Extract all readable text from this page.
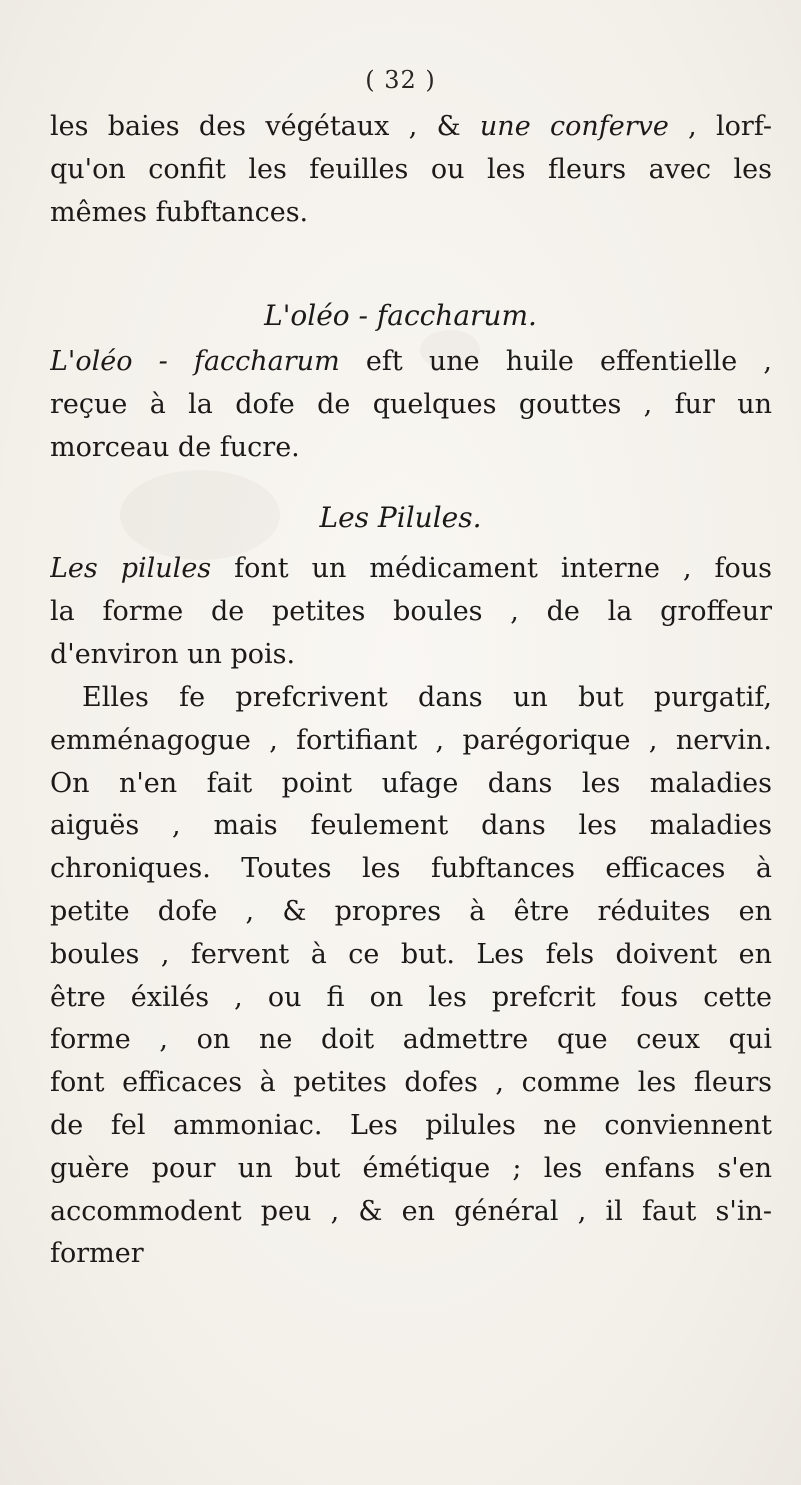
( 32 )
les baies des végétaux , & une conferve , lorf-
qu'on confit les feuilles ou les fleurs avec les
mêmes fubftances.
L'oléo - faccharum.
L'oléo - faccharum eft une huile effentielle ,
reçue à la dofe de quelques gouttes , fur un
morceau de fucre.
Les Pilules.
Les pilules font un médicament interne , fous
la forme de petites boules , de la groffeur
d'environ un pois.
Elles fe prefcrivent dans un but purgatif,
emménagogue , fortifiant , parégorique , nervin.
On n'en fait point ufage dans les maladies
aiguës , mais feulement dans les maladies
chroniques. Toutes les fubftances efficaces à
petite dofe , & propres à être réduites en
boules , fervent à ce but. Les fels doivent en
être éxilés , ou fi on les prefcrit fous cette
forme , on ne doit admettre que ceux qui
font efficaces à petites dofes , comme les fleurs
de fel ammoniac. Les pilules ne conviennent
guère pour un but émétique ; les enfans s'en
accommodent peu , & en général , il faut s'in-
former
